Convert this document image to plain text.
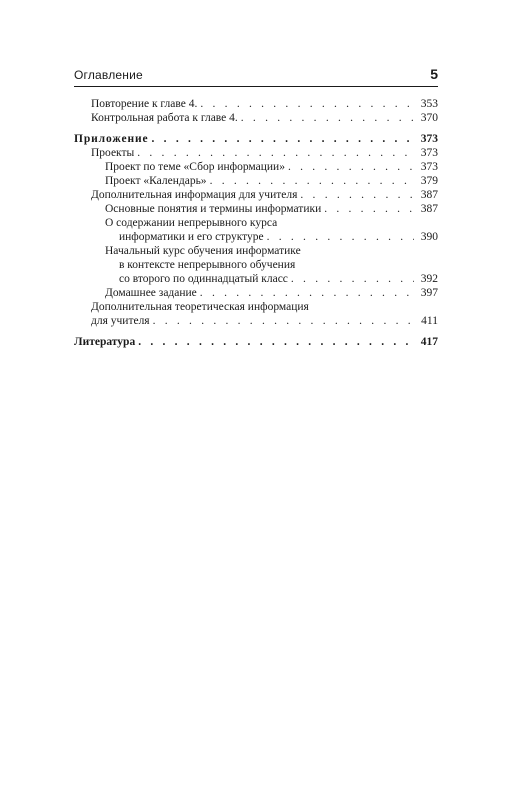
Оглавление	5
Повторение к главе 4. . . .	353
Контрольная работа к главе 4. . . .	370
Приложение . . .	373
Проекты . . .	373
Проект по теме «Сбор информации» . . .	373
Проект «Календарь» . . .	379
Дополнительная информация для учителя . . .	387
Основные понятия и термины информатики . . .	387
О содержании непрерывного курса
информатики и его структуре . . .	390
Начальный курс обучения информатике
в контексте непрерывного обучения
со второго по одиннадцатый класс . . .	392
Домашнее задание . . .	397
Дополнительная теоретическая информация
для учителя . . .	411
Литература . . .	417
